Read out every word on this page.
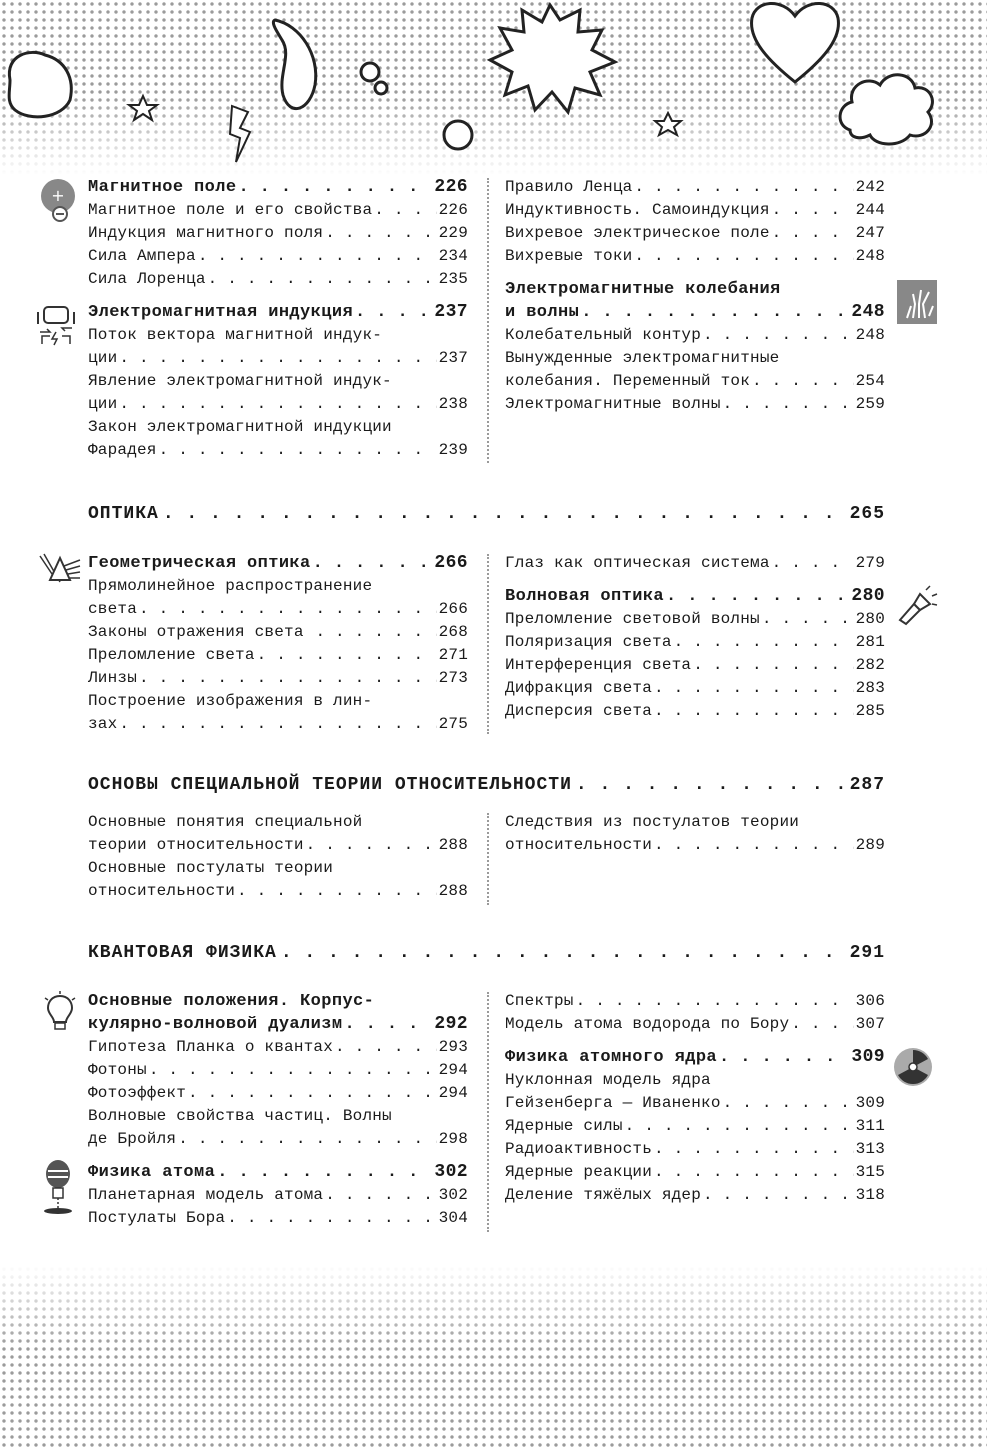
Магнитное поле . . .	226
Магнитное поле и его свойства . . .	226
Индукция магнитного поля . . .	229
Сила Ампера . . .	234
Сила Лоренца . . .	235
Электромагнитная индукция . . .	237
Поток вектора магнитной индук-
ции . . .	237
Явление электромагнитной индук-
ции . . .	238
Закон электромагнитной индукции
Фарадея . . .	239
Правило Ленца . . .	242
Индуктивность. Самоиндукция . . .	244
Вихревое электрическое поле . . .	247
Вихревые токи . . .	248
Электромагнитные колебания
и волны . . .	248
Колебательный контур . . .	248
Вынужденные электромагнитные
колебания. Переменный ток . . .	254
Электромагнитные волны . . .	259
ОПТИКА . . .	265
Геометрическая оптика . . .	266
Прямолинейное распространение
света . . .	266
Законы отражения света . . .	268
Преломление света . . .	271
Линзы . . .	273
Построение изображения в лин-
зах . . .	275
Глаз как оптическая система . . .	279
Волновая оптика . . .	280
Преломление световой волны . . .	280
Поляризация света . . .	281
Интерференция света . . .	282
Дифракция света . . .	283
Дисперсия света . . .	285
ОСНОВЫ СПЕЦИАЛЬНОЙ ТЕОРИИ ОТНОСИТЕЛЬНОСТИ . . .	287
Основные понятия специальной
теории относительности . . .	288
Основные постулаты теории
относительности . . .	288
Следствия из постулатов теории
относительности . . .	289
КВАНТОВАЯ ФИЗИКА . . .	291
Основные положения. Корпус-
кулярно-волновой дуализм . . .	292
Гипотеза Планка о квантах . . .	293
Фотоны . . .	294
Фотоэффект . . .	294
Волновые свойства частиц. Волны
де Бройля . . .	298
Физика атома . . .	302
Планетарная модель атома . . .	302
Постулаты Бора . . .	304
Спектры . . .	306
Модель атома водорода по Бору . . .	307
Физика атомного ядра . . .	309
Нуклонная модель ядра
Гейзенберга — Иваненко . . .	309
Ядерные силы . . .	311
Радиоактивность . . .	313
Ядерные реакции . . .	315
Деление тяжёлых ядер . . .	318
+
